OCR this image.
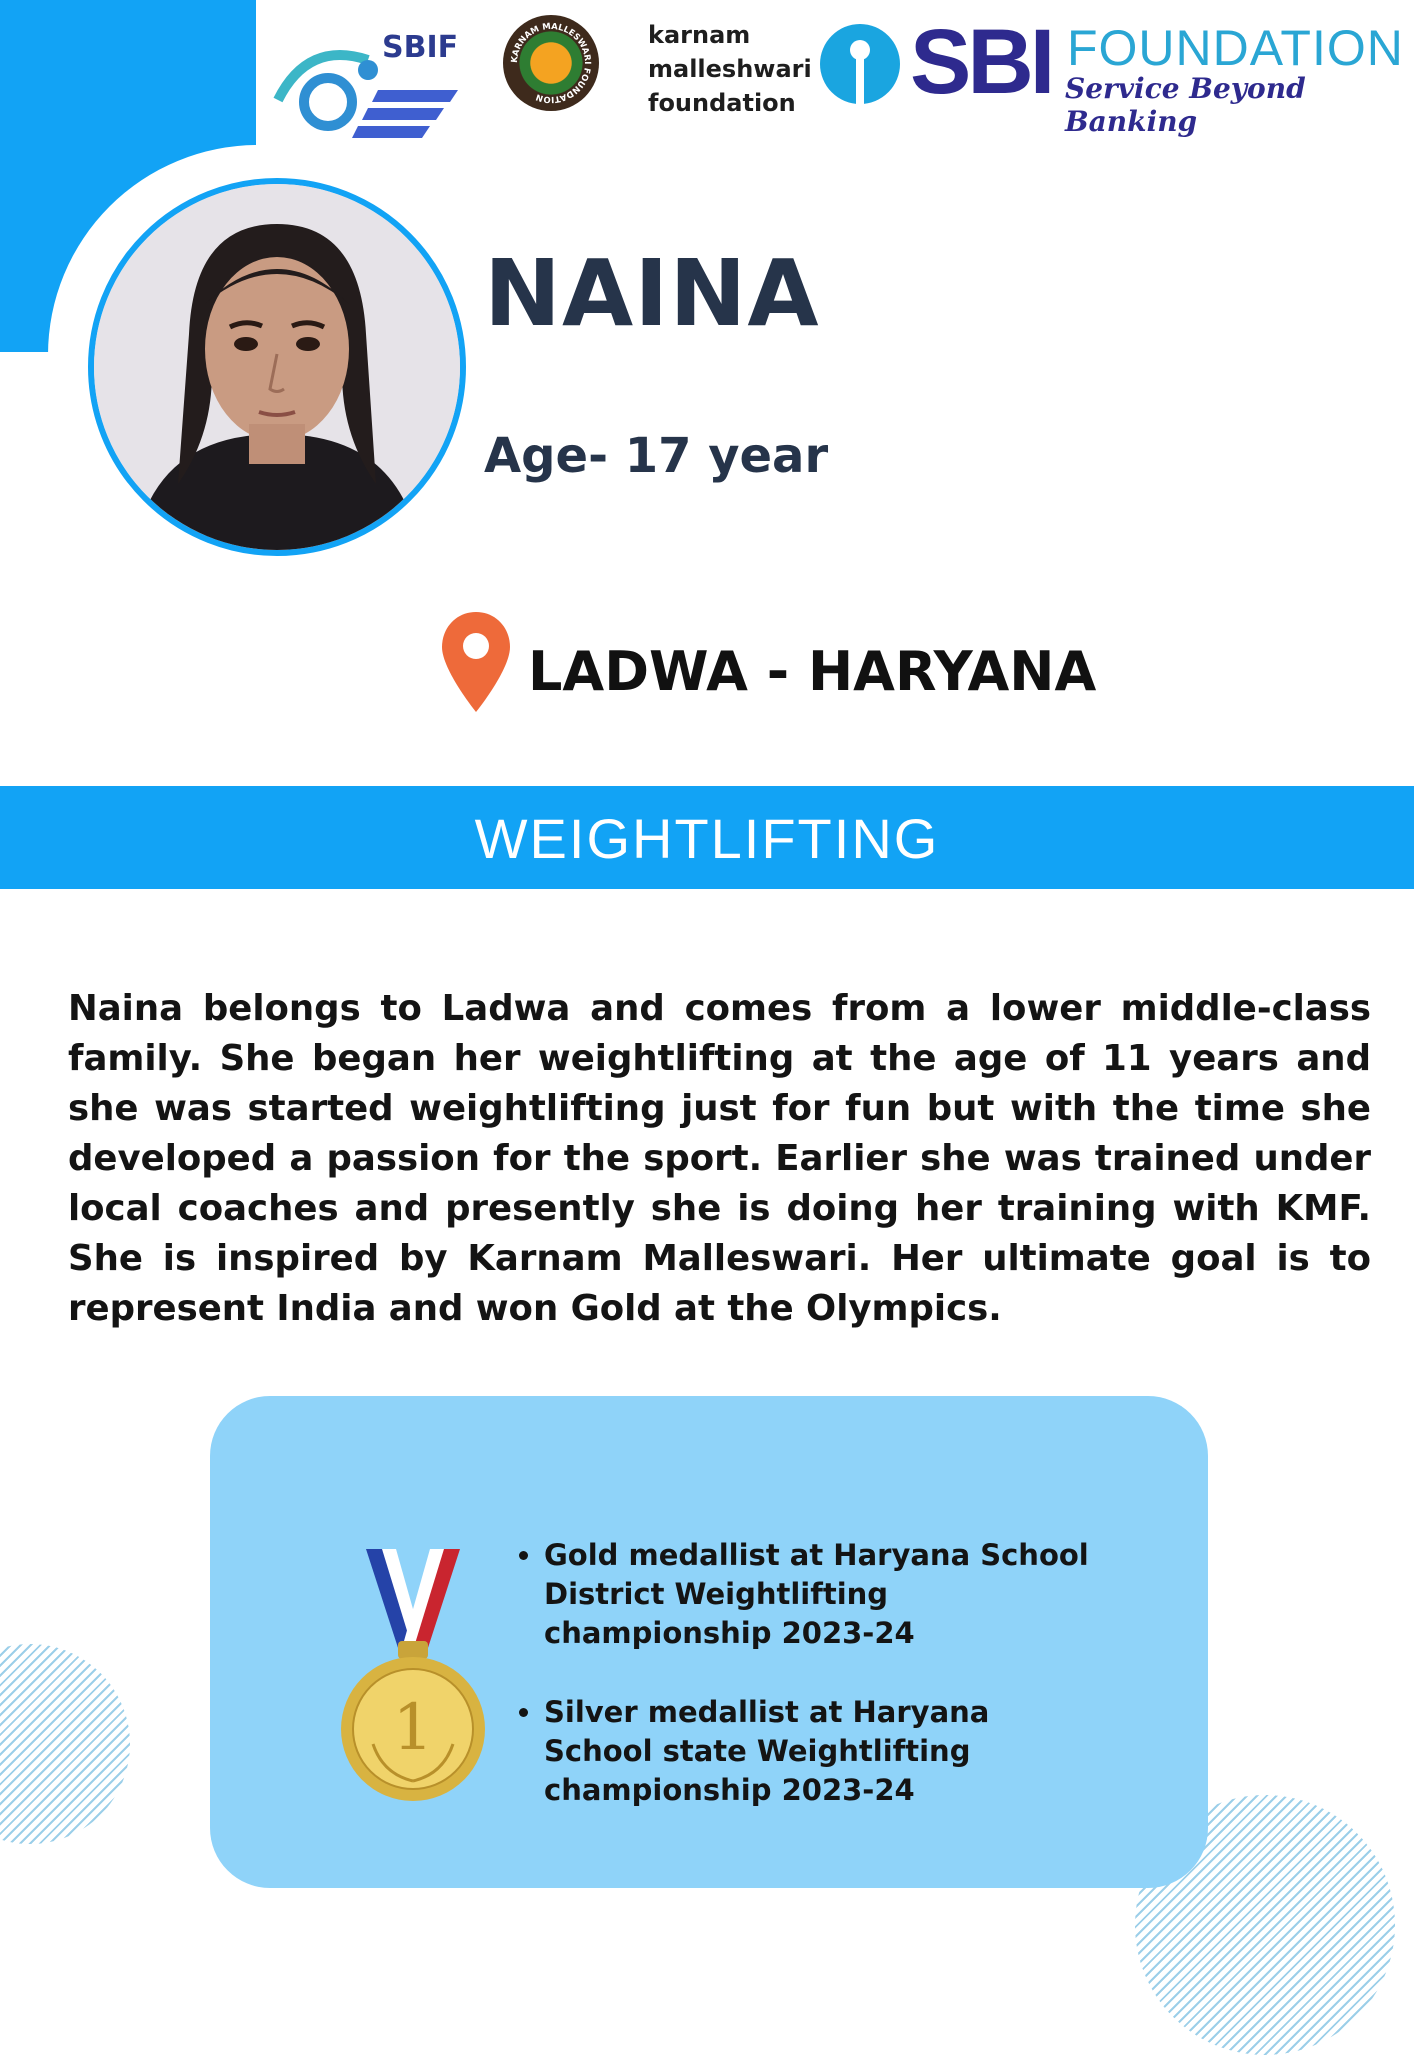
SBIF	KARNAM MALLESWARI FOUNDATION
karnam
malleshwari
foundation SBI FOUNDATION
Service Beyond Banking
NAINA
Age- 17 year
LADWA - HARYANA
WEIGHTLIFTING
Naina belongs to Ladwa and comes from a lower middle-class family. She began her weightlifting at the age of 11 years and she was started weightlifting just for fun but with the time she developed a passion for the sport. Earlier she was trained under local coaches and presently she is doing her training with KMF. She is inspired by Karnam Malleswari. Her ultimate goal is to represent India and won Gold at the Olympics.
1
• Gold medallist at Haryana School District Weightlifting championship 2023-24
• Silver medallist at Haryana School state Weightlifting championship 2023-24
